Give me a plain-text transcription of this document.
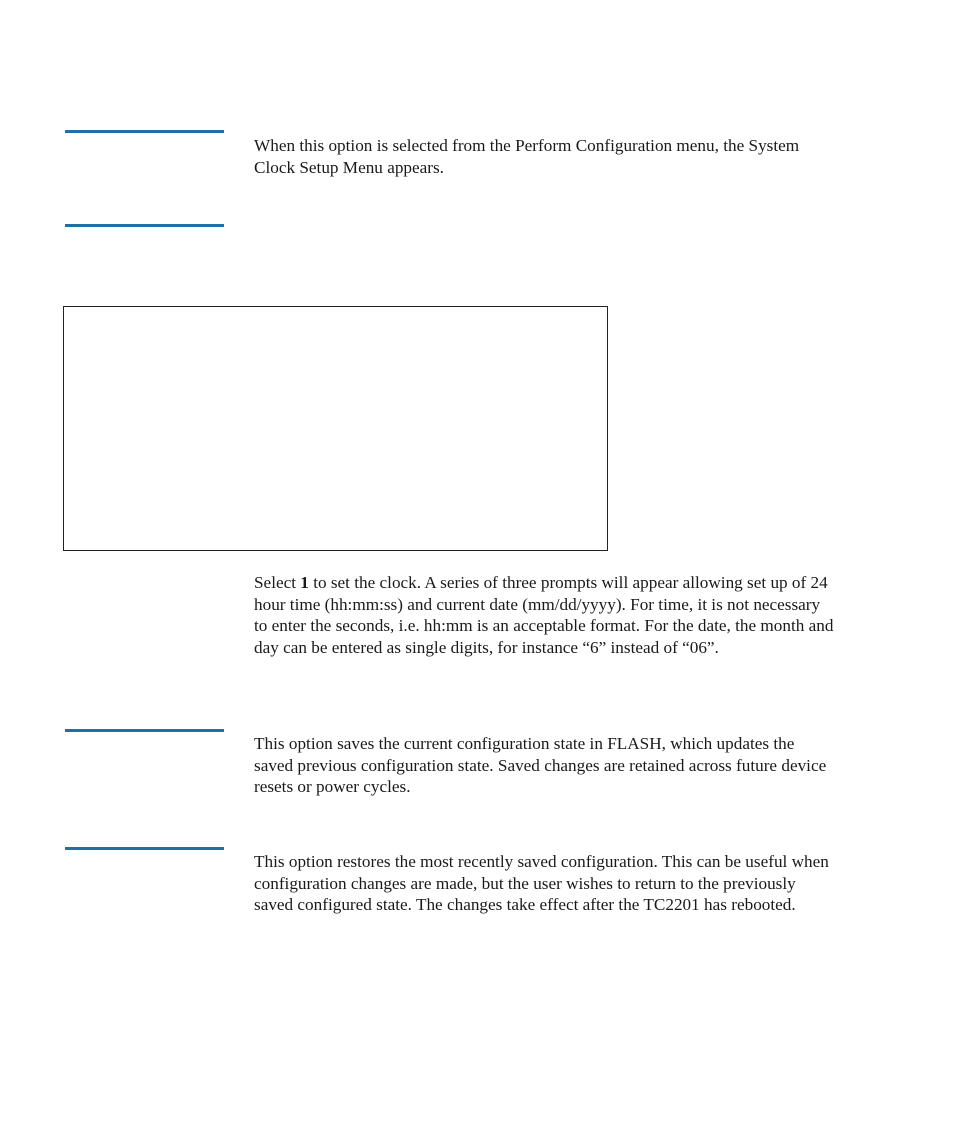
When this option is selected from the Perform Configuration menu, the System Clock Setup Menu appears.

Select 1 to set the clock. A series of three prompts will appear allowing set up of 24 hour time (hh:mm:ss) and current date (mm/dd/yyyy). For time, it is not necessary to enter the seconds, i.e. hh:mm is an acceptable format. For the date, the month and day can be entered as single digits, for instance “6” instead of “06”.

This option saves the current configuration state in FLASH, which updates the saved previous configuration state. Saved changes are retained across future device resets or power cycles.

This option restores the most recently saved configuration. This can be useful when configuration changes are made, but the user wishes to return to the previously saved configured state. The changes take effect after the TC2201 has rebooted.
